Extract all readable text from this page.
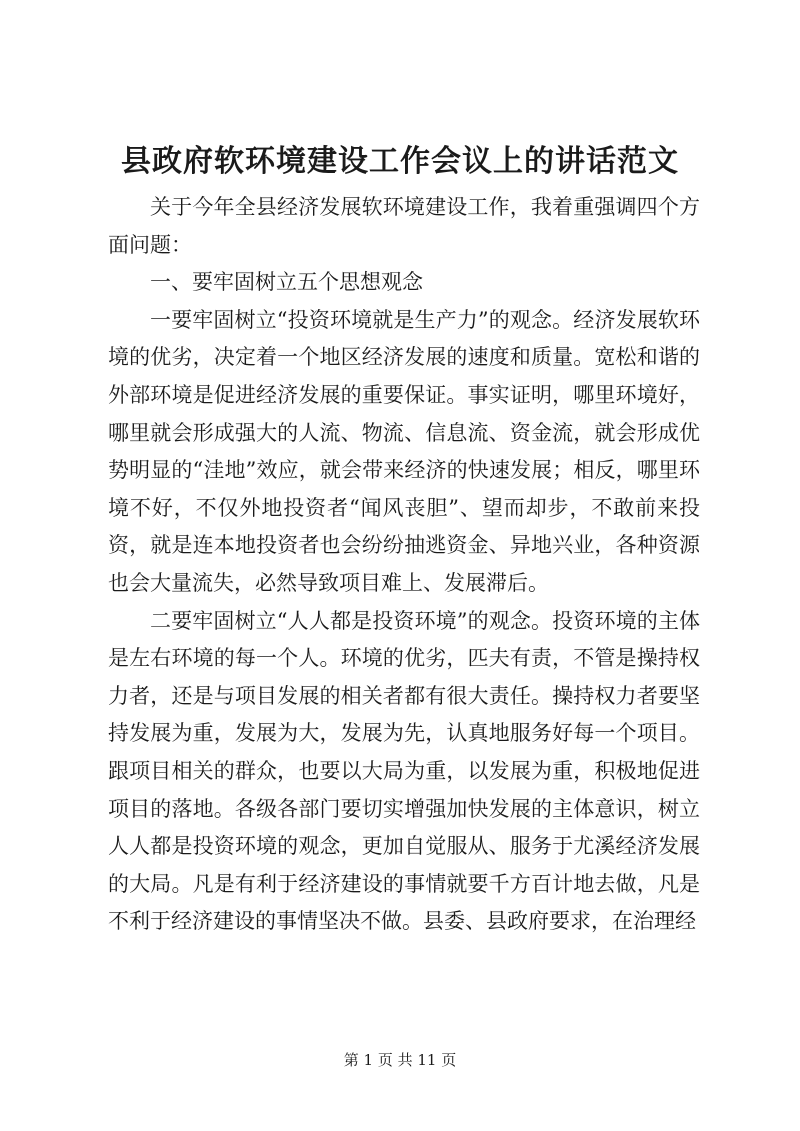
县政府软环境建设工作会议上的讲话范文

关于今年全县经济发展软环境建设工作，我着重强调四个方面问题：

一、要牢固树立五个思想观念

一要牢固树立“投资环境就是生产力”的观念。经济发展软环境的优劣，决定着一个地区经济发展的速度和质量。宽松和谐的外部环境是促进经济发展的重要保证。事实证明，哪里环境好，哪里就会形成强大的人流、物流、信息流、资金流，就会形成优势明显的“洼地”效应，就会带来经济的快速发展；相反，哪里环境不好，不仅外地投资者“闻风丧胆”、望而却步，不敢前来投资，就是连本地投资者也会纷纷抽逃资金、异地兴业，各种资源也会大量流失，必然导致项目难上、发展滞后。

二要牢固树立“人人都是投资环境”的观念。投资环境的主体是左右环境的每一个人。环境的优劣，匹夫有责，不管是操持权力者，还是与项目发展的相关者都有很大责任。操持权力者要坚持发展为重，发展为大，发展为先，认真地服务好每一个项目。跟项目相关的群众，也要以大局为重，以发展为重，积极地促进项目的落地。各级各部门要切实增强加快发展的主体意识，树立人人都是投资环境的观念，更加自觉服从、服务于尤溪经济发展的大局。凡是有利于经济建设的事情就要千方百计地去做，凡是不利于经济建设的事情坚决不做。县委、县政府要求，在治理经

第 1 页 共 11 页
